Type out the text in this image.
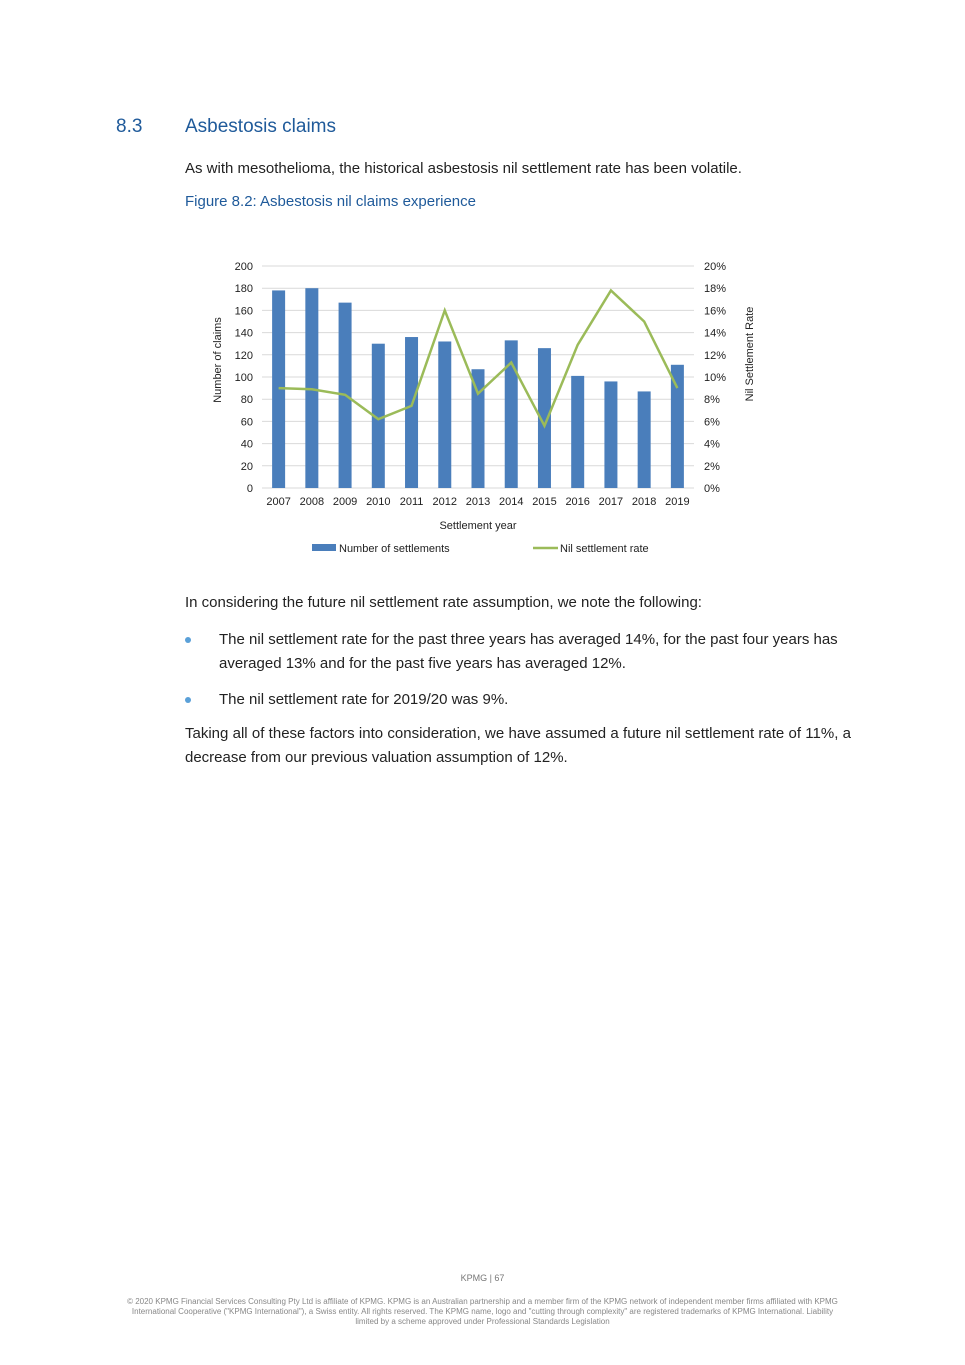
8.3 Asbestosis claims
As with mesothelioma, the historical asbestosis nil settlement rate has been volatile.
Figure 8.2: Asbestosis nil claims experience
0
20
40
60
80
100
120
140
160
180
200
0%
2%
4%
6%
8%
10%
12%
14%
16%
18%
20%
2007 2008 2009 2010 2011 2012 2013 2014 2015 2016 2017 2018 2019
Settlement year
Number of claims	Nil Settlement Rate
Number of settlements	Nil settlement rate
In considering the future nil settlement rate assumption, we note the following:
The nil settlement rate for the past three years has averaged 14%, for the past four years has averaged 13% and for the past five years has averaged 12%.
The nil settlement rate for 2019/20 was 9%.
Taking all of these factors into consideration, we have assumed a future nil settlement rate of 11%, a decrease from our previous valuation assumption of 12%.
KPMG | 67
© 2020 KPMG Financial Services Consulting Pty Ltd is affiliate of KPMG. KPMG is an Australian partnership and a member firm of the KPMG network of independent member firms affiliated with KPMG International Cooperative ("KPMG International"), a Swiss entity. All rights reserved. The KPMG name, logo and "cutting through complexity" are registered trademarks of KPMG International. Liability limited by a scheme approved under Professional Standards Legislation
